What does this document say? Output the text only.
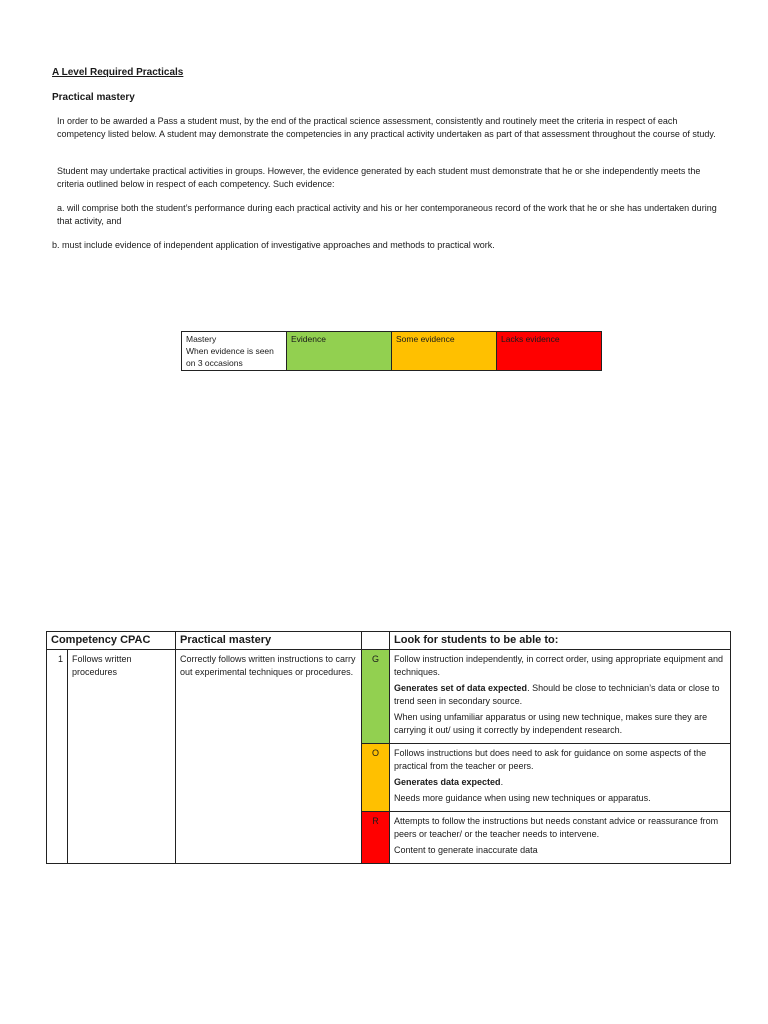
A Level Required Practicals
Practical mastery
In order to be awarded a Pass a student must, by the end of the practical science assessment, consistently and routinely meet the criteria in respect of each competency listed below. A student may demonstrate the competencies in any practical activity undertaken as part of that assessment throughout the course of study.
Student may undertake practical activities in groups. However, the evidence generated by each student must demonstrate that he or she independently meets the criteria outlined below in respect of each competency. Such evidence:
a. will comprise both the student’s performance during each practical activity and his or her contemporaneous record of the work that he or she has undertaken during that activity, and
b. must include evidence of independent application of investigative approaches and methods to practical work.
Mastery
When evidence is seen on 3 occasions
	Evidence	Some evidence	Lacks evidence
Competency CPAC		Practical mastery		Look for students to be able to:
1	Follows written procedures	Correctly follows written instructions to carry out experimental techniques or procedures.	G	Follow instruction independently, in correct order, using appropriate equipment and techniques.
Generates set of data expected. Should be close to technician’s data or close to trend seen in secondary source.
When using unfamiliar apparatus or using new technique, makes sure they are carrying it out/ using it correctly by independent research.

			O	Follows instructions but does need to ask for guidance on some aspects of the practical from the teacher or peers.
Generates data expected.
Needs more guidance when using new techniques or apparatus.

			R	Attempts to follow the instructions but needs constant advice or reassurance from peers or teacher/ or the teacher needs to intervene.
Content to generate inaccurate data
